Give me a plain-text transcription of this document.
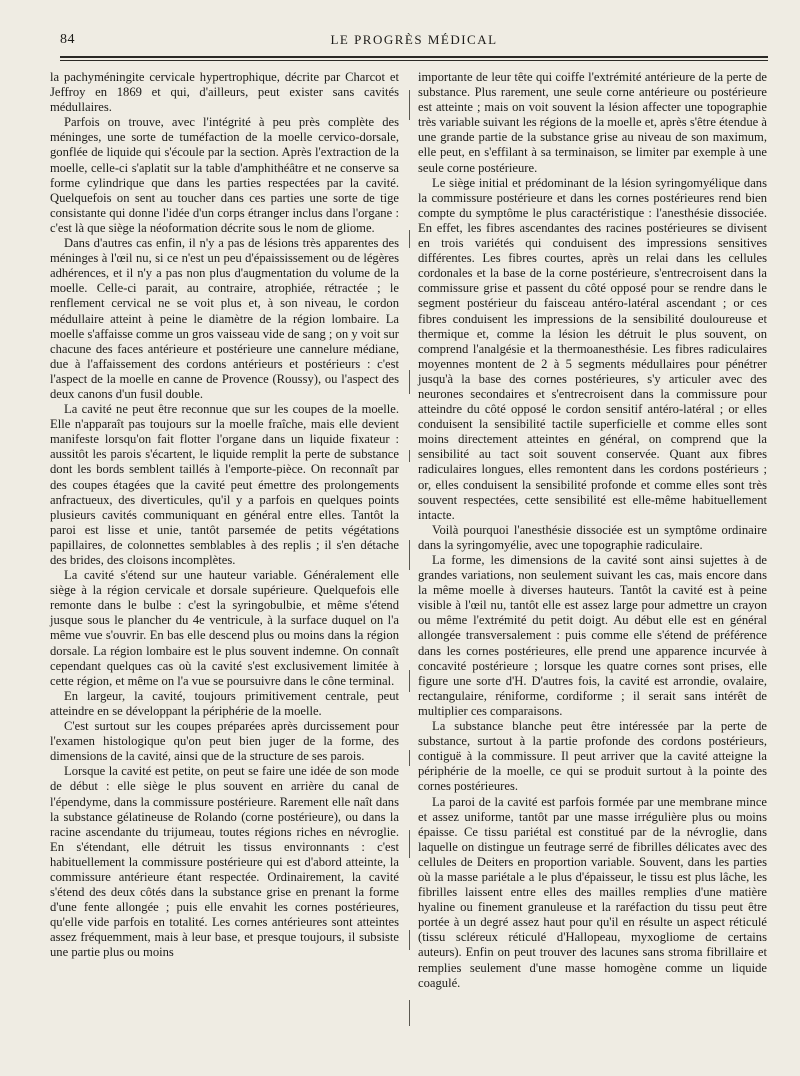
84	LE PROGRÈS MÉDICAL

la pachyméningite cervicale hypertrophique, décrite par Charcot et Jeffroy en 1869 et qui, d'ailleurs, peut exister sans cavités médullaires.

Parfois on trouve, avec l'intégrité à peu près complète des méninges, une sorte de tuméfaction de la moelle cervico-dorsale, gonflée de liquide qui s'écoule par la section. Après l'extraction de la moelle, celle-ci s'aplatit sur la table d'amphithéâtre et ne conserve sa forme cylindrique que dans les parties respectées par la cavité. Quelquefois on sent au toucher dans ces parties une sorte de tige consistante qui donne l'idée d'un corps étranger inclus dans l'organe : c'est là que siège la néoformation décrite sous le nom de gliome.

Dans d'autres cas enfin, il n'y a pas de lésions très apparentes des méninges à l'œil nu, si ce n'est un peu d'épaississement ou de légères adhérences, et il n'y a pas non plus d'augmentation du volume de la moelle. Celle-ci parait, au contraire, atrophiée, rétractée ; le renflement cervical ne se voit plus et, à son niveau, le cordon médullaire atteint à peine le diamètre de la région lombaire. La moelle s'affaisse comme un gros vaisseau vide de sang ; on y voit sur chacune des faces antérieure et postérieure une cannelure médiane, due à l'affaissement des cordons antérieurs et postérieurs : c'est l'aspect de la moelle en canne de Provence (Roussy), ou l'aspect des deux canons d'un fusil double.

La cavité ne peut être reconnue que sur les coupes de la moelle. Elle n'apparaît pas toujours sur la moelle fraîche, mais elle devient manifeste lorsqu'on fait flotter l'organe dans un liquide fixateur : aussitôt les parois s'écartent, le liquide remplit la perte de substance dont les bords semblent taillés à l'emporte-pièce. On reconnaît par des coupes étagées que la cavité peut émettre des prolongements anfractueux, des diverticules, qu'il y a parfois en quelques points plusieurs cavités communiquant en général entre elles. Tantôt la paroi est lisse et unie, tantôt parsemée de petits végétations papillaires, de colonnettes semblables à des replis ; il s'en détache des brides, des cloisons incomplètes.

La cavité s'étend sur une hauteur variable. Généralement elle siège à la région cervicale et dorsale supérieure. Quelquefois elle remonte dans le bulbe : c'est la syringobulbie, et même s'étend jusque sous le plancher du 4e ventricule, à la surface duquel on l'a même vue s'ouvrir. En bas elle descend plus ou moins dans la région dorsale. La région lombaire est le plus souvent indemne. On connaît cependant quelques cas où la cavité s'est exclusivement limitée à cette région, et même on l'a vue se poursuivre dans le cône terminal.

En largeur, la cavité, toujours primitivement centrale, peut atteindre en se développant la périphérie de la moelle.

C'est surtout sur les coupes préparées après durcissement pour l'examen histologique qu'on peut bien juger de la forme, des dimensions de la cavité, ainsi que de la structure de ses parois.

Lorsque la cavité est petite, on peut se faire une idée de son mode de début : elle siège le plus souvent en arrière du canal de l'épendyme, dans la commissure postérieure. Rarement elle naît dans la substance gélatineuse de Rolando (corne postérieure), ou dans la racine ascendante du trijumeau, toutes régions riches en névroglie. En s'étendant, elle détruit les tissus environnants : c'est habituellement la commissure postérieure qui est d'abord atteinte, la commissure antérieure étant respectée. Ordinairement, la cavité s'étend des deux côtés dans la substance grise en prenant la forme d'une fente allongée ; puis elle envahit les cornes postérieures, qu'elle vide parfois en totalité. Les cornes antérieures sont atteintes assez fréquemment, mais à leur base, et presque toujours, il subsiste une partie plus ou moins

importante de leur tête qui coiffe l'extrémité antérieure de la perte de substance. Plus rarement, une seule corne antérieure ou postérieure est atteinte ; mais on voit souvent la lésion affecter une topographie très variable suivant les régions de la moelle et, après s'être étendue à une grande partie de la substance grise au niveau de son maximum, elle peut, en s'effilant à sa terminaison, se limiter par exemple à une seule corne postérieure.

Le siège initial et prédominant de la lésion syringomyélique dans la commissure postérieure et dans les cornes postérieures rend bien compte du symptôme le plus caractéristique : l'anesthésie dissociée. En effet, les fibres ascendantes des racines postérieures se divisent en trois variétés qui conduisent des impressions sensitives différentes. Les fibres courtes, après un relai dans les cellules cordonales et la base de la corne postérieure, s'entrecroisent dans la commissure grise et passent du côté opposé pour se rendre dans le segment postérieur du faisceau antéro-latéral ascendant ; or ces fibres conduisent les impressions de la sensibilité douloureuse et thermique et, comme la lésion les détruit le plus souvent, on comprend l'analgésie et la thermoanesthésie. Les fibres radiculaires moyennes montent de 2 à 5 segments médullaires pour pénétrer jusqu'à la base des cornes postérieures, s'y articuler avec des neurones secondaires et s'entrecroisent dans la commissure pour atteindre du côté opposé le cordon sensitif antéro-latéral ; or elles conduisent la sensibilité tactile superficielle et comme elles sont moins directement atteintes en général, on comprend que la sensibilité au tact soit souvent conservée. Quant aux fibres radiculaires longues, elles remontent dans les cordons postérieurs ; or, elles conduisent la sensibilité profonde et comme elles sont très souvent respectées, cette sensibilité est elle-même habituellement intacte.

Voilà pourquoi l'anesthésie dissociée est un symptôme ordinaire dans la syringomyélie, avec une topographie radiculaire.

La forme, les dimensions de la cavité sont ainsi sujettes à de grandes variations, non seulement suivant les cas, mais encore dans la même moelle à diverses hauteurs. Tantôt la cavité est à peine visible à l'œil nu, tantôt elle est assez large pour admettre un crayon ou même l'extrémité du petit doigt. Au début elle est en général allongée transversalement : puis comme elle s'étend de préférence dans les cornes postérieures, elle prend une apparence incurvée à concavité postérieure ; lorsque les quatre cornes sont prises, elle figure une sorte d'H. D'autres fois, la cavité est arrondie, ovalaire, rectangulaire, réniforme, cordiforme ; il serait sans intérêt de multiplier ces comparaisons.

La substance blanche peut être intéressée par la perte de substance, surtout à la partie profonde des cordons postérieurs, contiguë à la commissure. Il peut arriver que la cavité atteigne la périphérie de la moelle, ce qui se produit surtout à la pointe des cornes postérieures.

La paroi de la cavité est parfois formée par une membrane mince et assez uniforme, tantôt par une masse irrégulière plus ou moins épaisse. Ce tissu pariétal est constitué par de la névroglie, dans laquelle on distingue un feutrage serré de fibrilles délicates avec des cellules de Deiters en proportion variable. Souvent, dans les parties où la masse pariétale a le plus d'épaisseur, le tissu est plus lâche, les fibrilles laissent entre elles des mailles remplies d'une matière hyaline ou finement granuleuse et la raréfaction du tissu peut être portée à un degré assez haut pour qu'il en résulte un aspect réticulé (tissu scléreux réticulé d'Hallopeau, myxogliome de certains auteurs). Enfin on peut trouver des lacunes sans stroma fibrillaire et remplies seulement d'une masse homogène comme un liquide coagulé.
